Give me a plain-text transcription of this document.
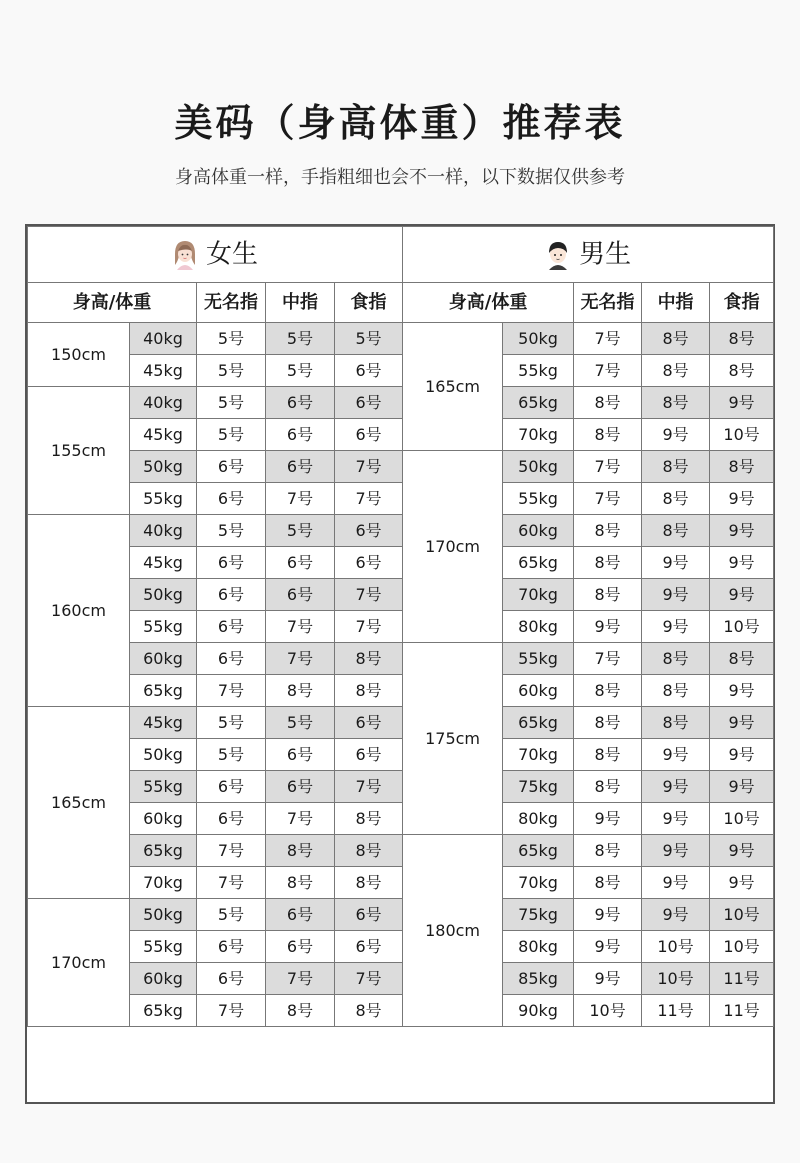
美码（身高体重）推荐表
身高体重一样，手指粗细也会不一样，以下数据仅供参考
女生					男生				
身高/体重		无名指	中指	食指	身高/体重		无名指	中指	食指
150cm	40kg	5号	5号	5号	165cm	50kg	7号	8号	8号
	45kg	5号	5号	6号		55kg	7号	8号	8号
155cm	40kg	5号	6号	6号		65kg	8号	8号	9号
	45kg	5号	6号	6号		70kg	8号	9号	10号
	50kg	6号	6号	7号	170cm	50kg	7号	8号	8号
	55kg	6号	7号	7号		55kg	7号	8号	9号
160cm	40kg	5号	5号	6号		60kg	8号	8号	9号
	45kg	6号	6号	6号		65kg	8号	9号	9号
	50kg	6号	6号	7号		70kg	8号	9号	9号
	55kg	6号	7号	7号		80kg	9号	9号	10号
	60kg	6号	7号	8号	175cm	55kg	7号	8号	8号
	65kg	7号	8号	8号		60kg	8号	8号	9号
165cm	45kg	5号	5号	6号		65kg	8号	8号	9号
	50kg	5号	6号	6号		70kg	8号	9号	9号
	55kg	6号	6号	7号		75kg	8号	9号	9号
	60kg	6号	7号	8号		80kg	9号	9号	10号
	65kg	7号	8号	8号	180cm	65kg	8号	9号	9号
	70kg	7号	8号	8号		70kg	8号	9号	9号
170cm	50kg	5号	6号	6号		75kg	9号	9号	10号
	55kg	6号	6号	6号		80kg	9号	10号	10号
	60kg	6号	7号	7号		85kg	9号	10号	11号
	65kg	7号	8号	8号		90kg	10号	11号	11号
